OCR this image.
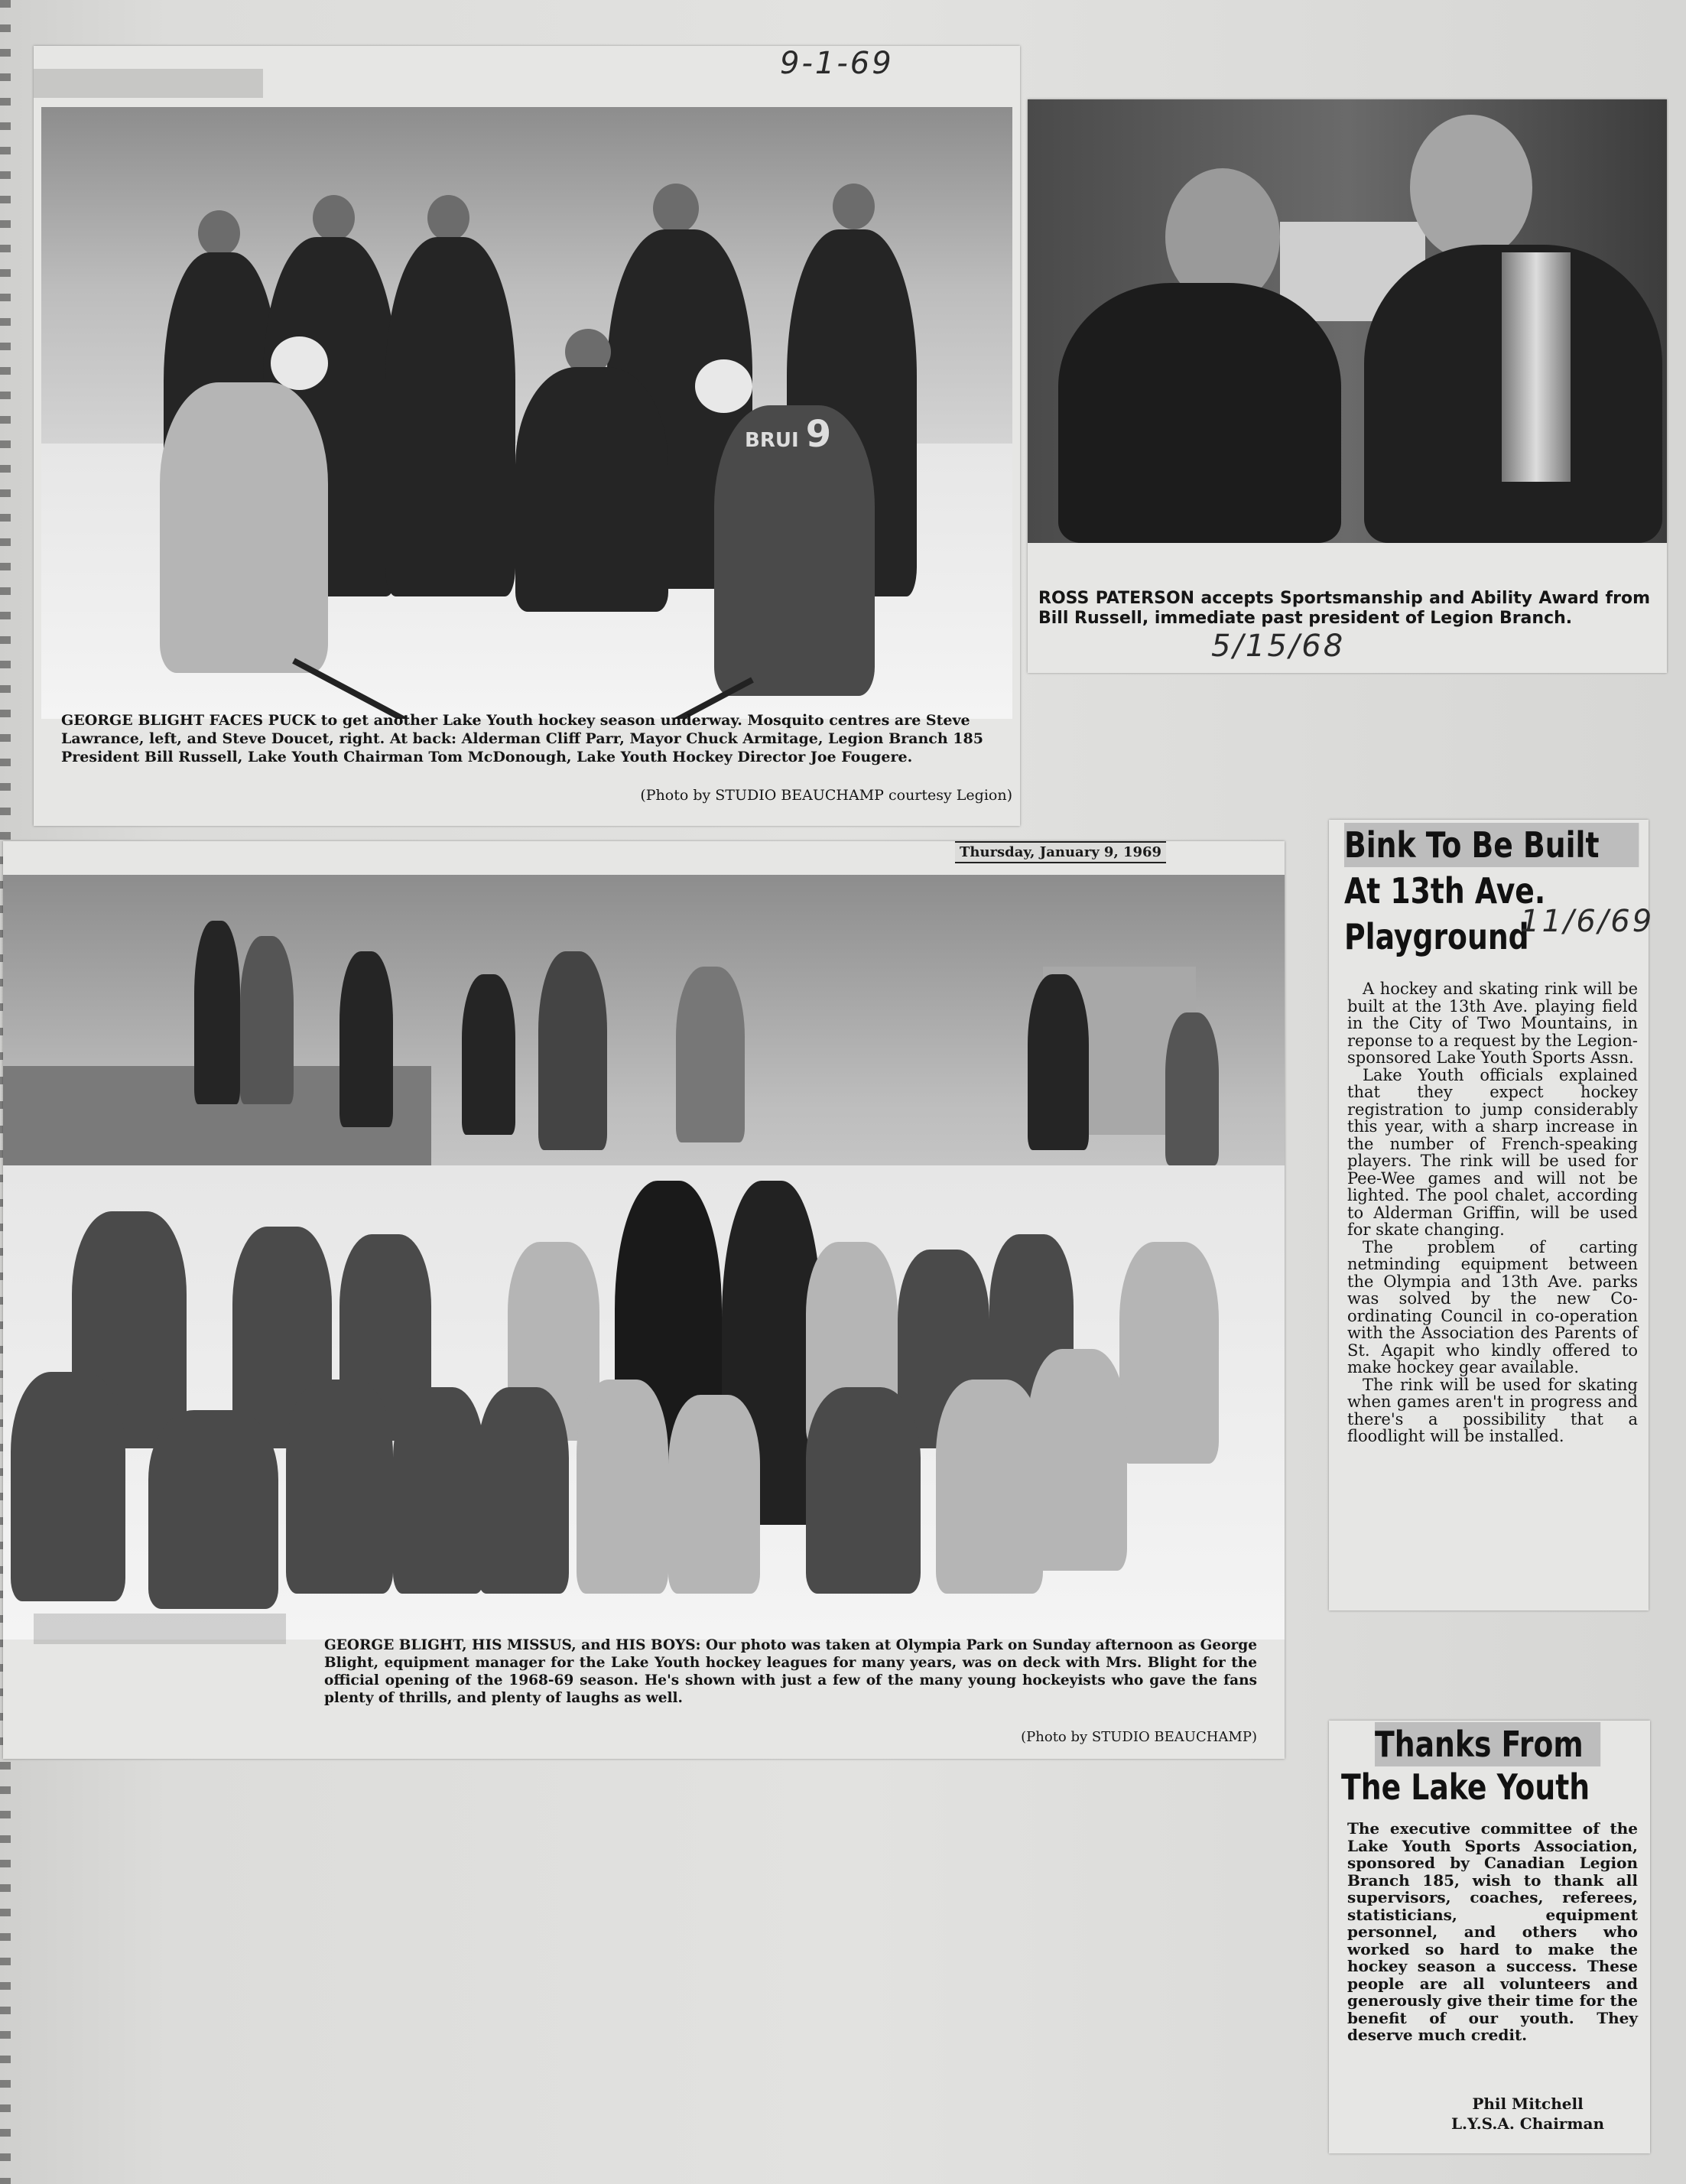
9-1-69
BRUI 9
GEORGE BLIGHT FACES PUCK to get another Lake Youth hockey season underway. Mosquito centres are Steve Lawrance, left, and Steve Doucet, right. At back: Alderman Cliff Parr, Mayor Chuck Armitage, Legion Branch 185 President Bill Russell, Lake Youth Chairman Tom McDonough, Lake Youth Hockey Director Joe Fougere.
(Photo by STUDIO BEAUCHAMP courtesy Legion)
ROSS PATERSON accepts Sportsmanship and Ability Award from Bill Russell, immediate past president of Legion Branch.
5/15/68
Thursday, January 9, 1969
GEORGE BLIGHT, HIS MISSUS, and HIS BOYS: Our photo was taken at Olympia Park on Sunday afternoon as George Blight, equipment manager for the Lake Youth hockey leagues for many years, was on deck with Mrs. Blight for the official opening of the 1968-69 season. He's shown with just a few of the many young hockeyists who gave the fans plenty of thrills, and plenty of laughs as well.
(Photo by STUDIO BEAUCHAMP)
Bink To Be Built
At 13th Ave.
Playground
11/6/69

A hockey and skating rink will be built at the 13th Ave. playing field in the City of Two Mountains, in reponse to a request by the Legion-sponsored Lake Youth Sports Assn.

Lake Youth officials explained that they expect hockey registration to jump considerably this year, with a sharp increase in the number of French-speaking players. The rink will be used for Pee-Wee games and will not be lighted. The pool chalet, according to Alderman Griffin, will be used for skate changing.

The problem of carting netminding equipment between the Olympia and 13th Ave. parks was solved by the new Co-ordinating Council in co-operation with the Association des Parents of St. Agapit who kindly offered to make hockey gear available.

The rink will be used for skating when games aren't in progress and there's a possibility that a floodlight will be installed.

Thanks From
The Lake Youth
The executive committee of the Lake Youth Sports Association, sponsored by Canadian Legion Branch 185, wish to thank all supervisors, coaches, referees, statisticians, equipment personnel, and others who worked so hard to make the hockey season a success. These people are all volunteers and generously give their time for the benefit of our youth. They deserve much credit.
Phil Mitchell
L.Y.S.A. Chairman
